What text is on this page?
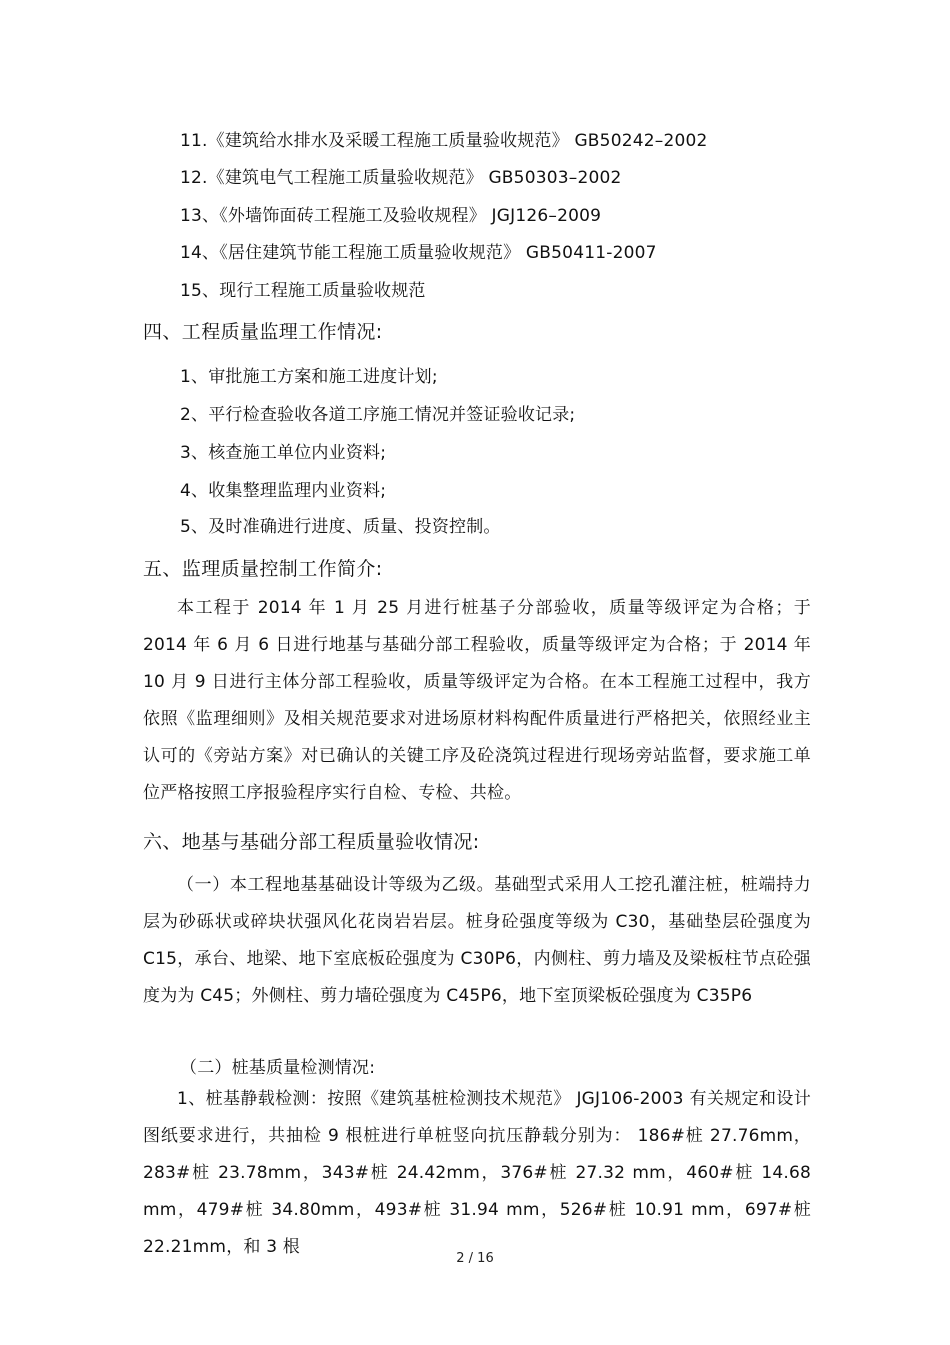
11.《建筑给水排水及采暖工程施工质量验收规范》 GB50242–2002
12.《建筑电气工程施工质量验收规范》 GB50303–2002
13、《外墙饰面砖工程施工及验收规程》 JGJ126–2009
14、《居住建筑节能工程施工质量验收规范》 GB50411-2007
15、现行工程施工质量验收规范
四、工程质量监理工作情况:
1、审批施工方案和施工进度计划;
2、平行检查验收各道工序施工情况并签证验收记录;
3、核查施工单位内业资料;
4、收集整理监理内业资料;
5、及时准确进行进度、质量、投资控制。
五、监理质量控制工作简介:
本工程于 2014 年 1 月 25 月进行桩基子分部验收，质量等级评定为合格；于 2014 年 6 月 6 日进行地基与基础分部工程验收，质量等级评定为合格；于 2014 年 10 月 9 日进行主体分部工程验收，质量等级评定为合格。在本工程施工过程中，我方依照《监理细则》及相关规范要求对进场原材料构配件质量进行严格把关，依照经业主认可的《旁站方案》对已确认的关键工序及砼浇筑过程进行现场旁站监督，要求施工单位严格按照工序报验程序实行自检、专检、共检。
六、地基与基础分部工程质量验收情况:
（一）本工程地基基础设计等级为乙级。基础型式采用人工挖孔灌注桩，桩端持力层为砂砾状或碎块状强风化花岗岩岩层。桩身砼强度等级为 C30，基础垫层砼强度为 C15，承台、地梁、地下室底板砼强度为 C30P6，内侧柱、剪力墙及及梁板柱节点砼强度为为 C45；外侧柱、剪力墙砼强度为 C45P6，地下室顶梁板砼强度为 C35P6
（二）桩基质量检测情况:
1、桩基静载检测：按照《建筑基桩检测技术规范》 JGJ106-2003 有关规定和设计图纸要求进行，共抽检 9 根桩进行单桩竖向抗压静载分别为： 186#桩 27.76mm，283#桩 23.78mm，343#桩 24.42mm，376#桩 27.32 mm，460#桩 14.68 mm，479#桩 34.80mm，493#桩 31.94 mm，526#桩 10.91 mm，697#桩 22.21mm，和 3 根
2 / 16
